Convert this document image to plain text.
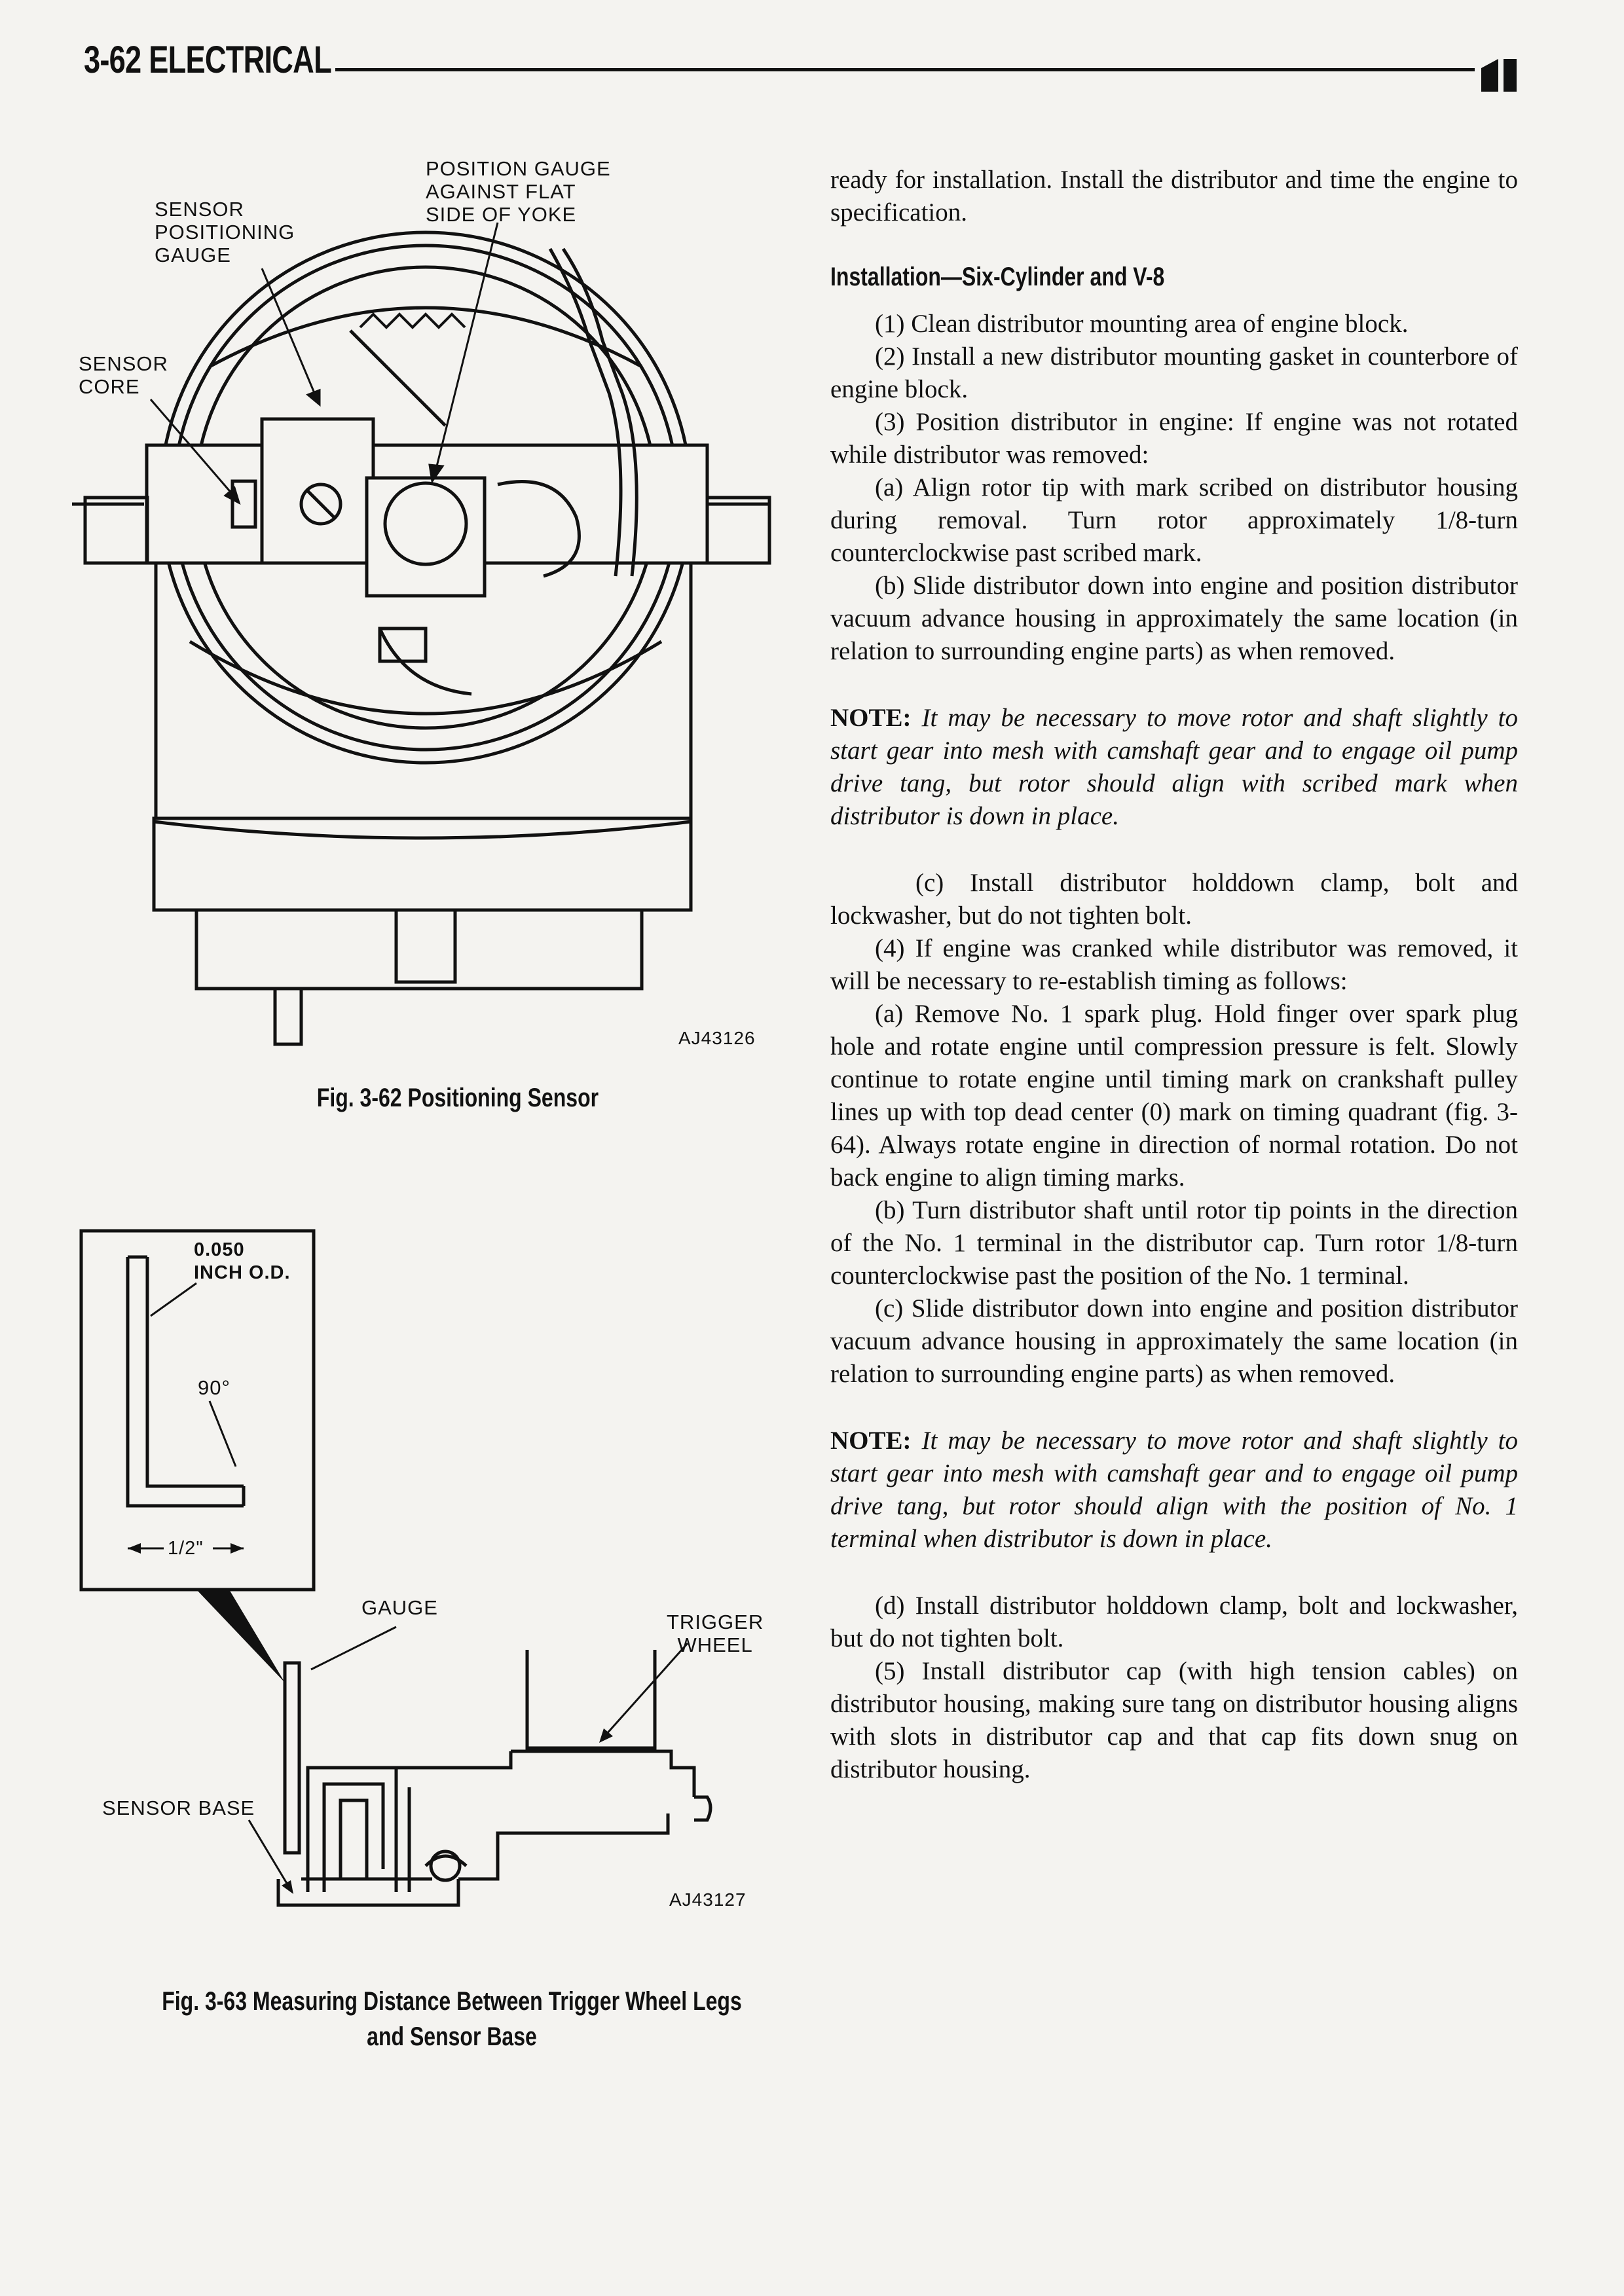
3-62 ELECTRICAL
POSITION GAUGE
AGAINST FLAT
SIDE OF YOKE
SENSOR
POSITIONING
GAUGE
SENSOR
CORE
AJ43126
Fig. 3-62 Positioning Sensor
0.050
INCH O.D.
90°
1/2"
GAUGE
TRIGGER
WHEEL
SENSOR BASE
AJ43127
Fig. 3-63 Measuring Distance Between Trigger Wheel Legs
and Sensor Base

ready for installation. Install the distributor and time the engine to specification.

Installation—Six-Cylinder and V-8

(1) Clean distributor mounting area of engine block.

(2) Install a new distributor mounting gasket in counterbore of engine block.

(3) Position distributor in engine: If engine was not rotated while distributor was removed:

(a) Align rotor tip with mark scribed on distributor housing during removal. Turn rotor approximately 1/8-turn counterclockwise past scribed mark.

(b) Slide distributor down into engine and position distributor vacuum advance housing in approximately the same location (in relation to surrounding engine parts) as when removed.

NOTE: It may be necessary to move rotor and shaft slightly to start gear into mesh with camshaft gear and to engage oil pump drive tang, but rotor should align with scribed mark when distributor is down in place.

(c) Install distributor holddown clamp, bolt and lockwasher, but do not tighten bolt.

(4) If engine was cranked while distributor was removed, it will be necessary to re-establish timing as follows:

(a) Remove No. 1 spark plug. Hold finger over spark plug hole and rotate engine until compression pressure is felt. Slowly continue to rotate engine until timing mark on crankshaft pulley lines up with top dead center (0) mark on timing quadrant (fig. 3-64). Always rotate engine in direction of normal rotation. Do not back engine to align timing marks.

(b) Turn distributor shaft until rotor tip points in the direction of the No. 1 terminal in the distributor cap. Turn rotor 1/8-turn counterclockwise past the position of the No. 1 terminal.

(c) Slide distributor down into engine and position distributor vacuum advance housing in approximately the same location (in relation to surrounding engine parts) as when removed.

NOTE: It may be necessary to move rotor and shaft slightly to start gear into mesh with camshaft gear and to engage oil pump drive tang, but rotor should align with the position of No. 1 terminal when distributor is down in place.

(d) Install distributor holddown clamp, bolt and lockwasher, but do not tighten bolt.

(5) Install distributor cap (with high tension cables) on distributor housing, making sure tang on distributor housing aligns with slots in distributor cap and that cap fits down snug on distributor housing.
